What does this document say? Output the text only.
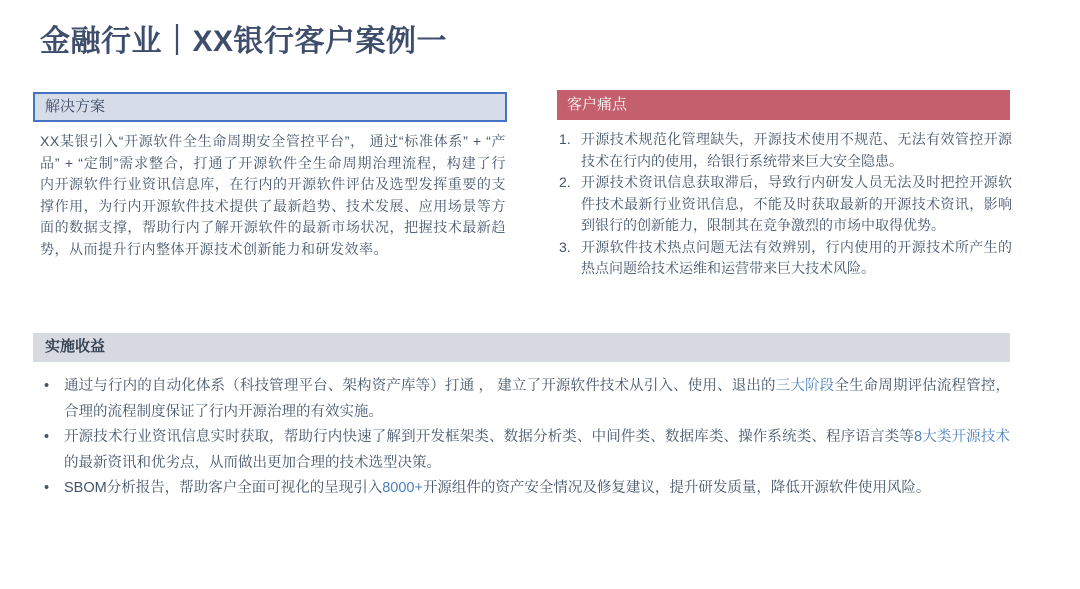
金融行业｜XX银行客户案例一
解决方案
XX某银引入“开源软件全生命周期安全管控平台”， 通过“标准体系” + “产品” + “定制”需求整合，打通了开源软件全生命周期治理流程，构建了行内开源软件行业资讯信息库，在行内的开源软件评估及选型发挥重要的支撑作用，为行内开源软件技术提供了最新趋势、技术发展、应用场景等方面的数据支撑，帮助行内了解开源软件的最新市场状况，把握技术最新趋势，从而提升行内整体开源技术创新能力和研发效率。
客户痛点
开源技术规范化管理缺失，开源技术使用不规范、无法有效管控开源技术在行内的使用，给银行系统带来巨大安全隐患。
开源技术资讯信息获取滞后，导致行内研发人员无法及时把控开源软件技术最新行业资讯信息，不能及时获取最新的开源技术资讯，影响到银行的创新能力，限制其在竞争激烈的市场中取得优势。
开源软件技术热点问题无法有效辨别，行内使用的开源技术所产生的热点问题给技术运维和运营带来巨大技术风险。
实施收益
• 通过与行内的自动化体系（科技管理平台、架构资产库等）打通 ， 建立了开源软件技术从引入、使用、退出的三大阶段全生命周期评估流程管控，合理的流程制度保证了行内开源治理的有效实施。
• 开源技术行业资讯信息实时获取，帮助行内快速了解到开发框架类、数据分析类、中间件类、数据库类、操作系统类、程序语言类等8大类开源技术的最新资讯和优劣点，从而做出更加合理的技术选型决策。
• SBOM分析报告，帮助客户全面可视化的呈现引入8000+开源组件的资产安全情况及修复建议，提升研发质量，降低开源软件使用风险。
